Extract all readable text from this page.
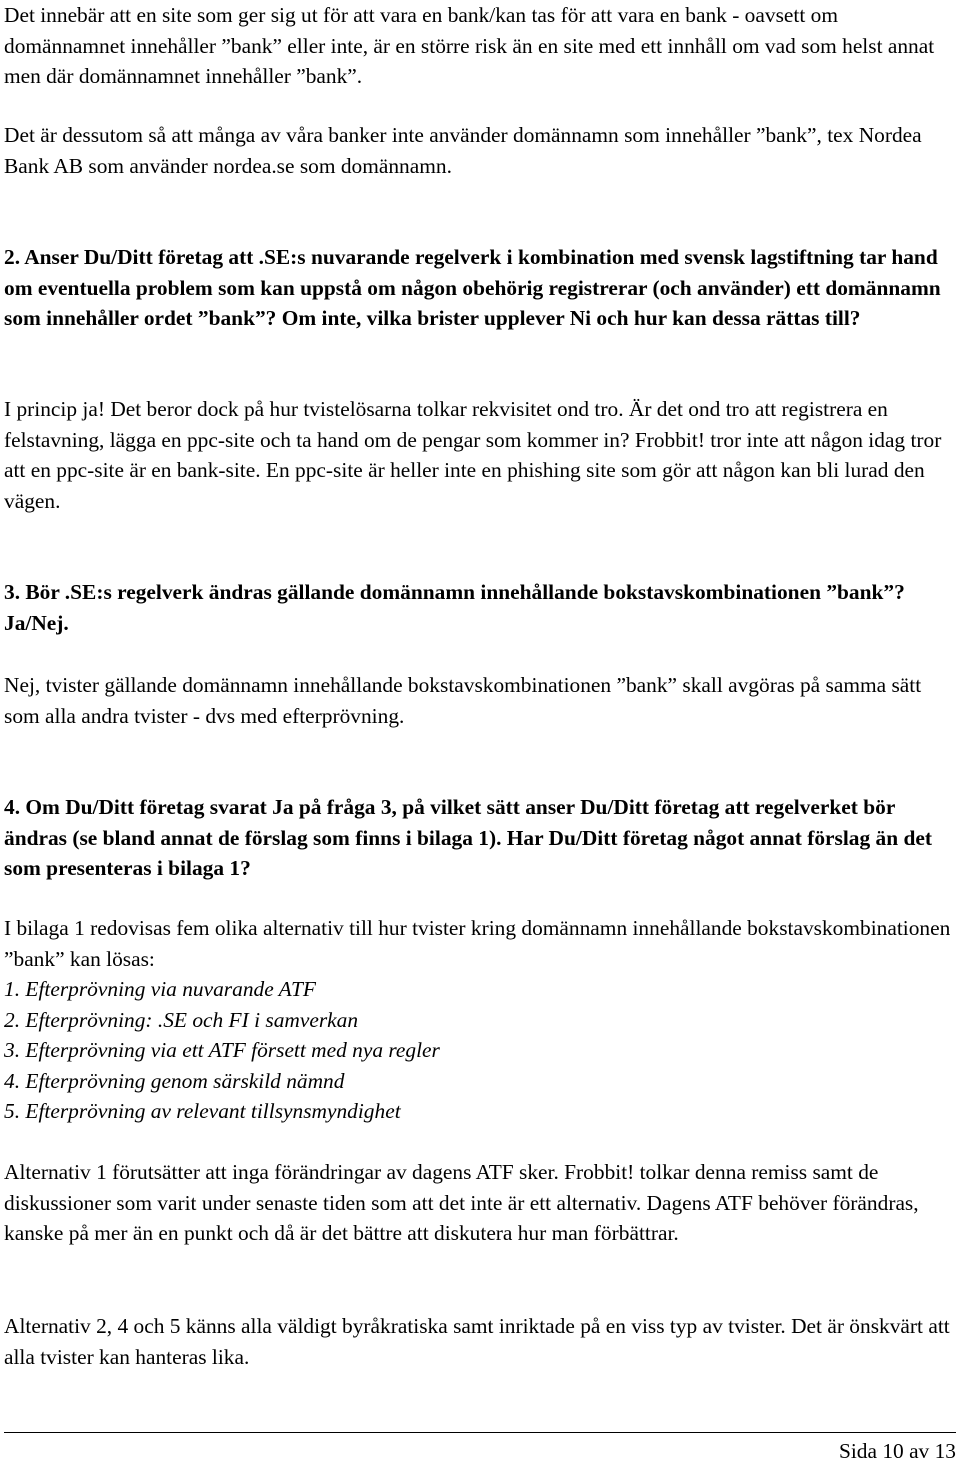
Det innebär att en site som ger sig ut för att vara en bank/kan tas för att vara en bank - oavsett om domännamnet innehåller ”bank” eller inte, är en större risk än en site med ett innhåll om vad som helst annat men där domännamnet innehåller ”bank”.

Det är dessutom så att många av våra banker inte använder domännamn som innehåller ”bank”, tex Nordea Bank AB som använder nordea.se som domännamn.

2. Anser Du/Ditt företag att .SE:s nuvarande regelverk i kombination med svensk lagstiftning tar hand om eventuella problem som kan uppstå om någon obehörig registrerar (och använder) ett domännamn som innehåller ordet ”bank”? Om inte, vilka brister upplever Ni och hur kan dessa rättas till?

I princip ja! Det beror dock på hur tvistelösarna tolkar rekvisitet ond tro. Är det ond tro att registrera en felstavning, lägga en ppc-site och ta hand om de pengar som kommer in? Frobbit! tror inte att någon idag tror att en ppc-site är en bank-site. En ppc-site är heller inte en phishing site som gör att någon kan bli lurad den vägen.

3. Bör .SE:s regelverk ändras gällande domännamn innehållande bokstavskombinationen ”bank”? Ja/Nej.

Nej, tvister gällande domännamn innehållande bokstavskombinationen ”bank” skall avgöras på samma sätt som alla andra tvister - dvs med efterprövning.

4. Om Du/Ditt företag svarat Ja på fråga 3, på vilket sätt anser Du/Ditt företag att regelverket bör ändras (se bland annat de förslag som finns i bilaga 1). Har Du/Ditt företag något annat förslag än det som presenteras i bilaga 1?

I bilaga 1 redovisas fem olika alternativ till hur tvister kring domännamn innehållande bokstavskombinationen ”bank” kan lösas:

1. Efterprövning via nuvarande ATF
2. Efterprövning: .SE och FI i samverkan
3. Efterprövning via ett ATF försett med nya regler
4. Efterprövning genom särskild nämnd
5. Efterprövning av relevant tillsynsmyndighet

Alternativ 1 förutsätter att inga förändringar av dagens ATF sker. Frobbit! tolkar denna remiss samt de diskussioner som varit under senaste tiden som att det inte är ett alternativ. Dagens ATF behöver förändras, kanske på mer än en punkt och då är det bättre att diskutera hur man förbättrar.

Alternativ 2, 4 och 5 känns alla väldigt byråkratiska samt inriktade på en viss typ av tvister. Det är önskvärt att alla tvister kan hanteras lika.

Sida 10 av 13
